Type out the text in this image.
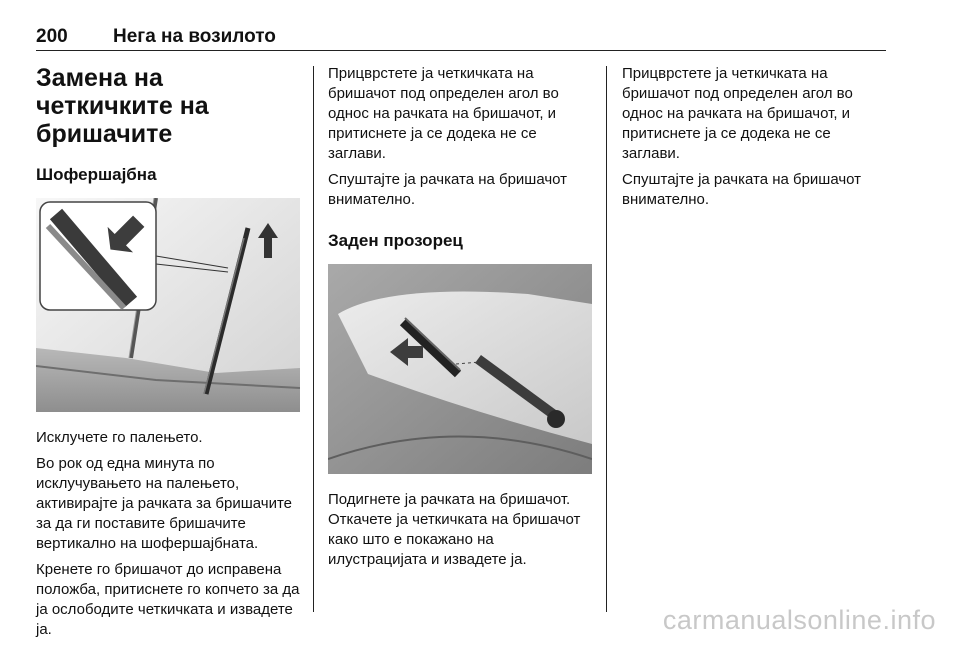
200 Нега на возилото
Замена на четкичките на бришачите
Шофершајбна

Исклучете го палењето.

Во рок од една минута по исклучувањето на палењето, активирајте ја рачката за бришачите за да ги поставите бришачите вертикално на шофершајбната.

Кренете го бришачот до исправена положба, притиснете го копчето за да ја ослободите четкичката и извадете ја.

Прицврстете ја четкичката на бришачот под определен агол во однос на рачката на бришачот, и притиснете ја се додека не се заглави.

Спуштајте ја рачката на бришачот внимателно.

Заден прозорец

Подигнете ја рачката на бришачот. Откачете ја четкичката на бришачот како што е покажано на илустрацијата и извадете ја.

Прицврстете ја четкичката на бришачот под определен агол во однос на рачката на бришачот, и притиснете ја се додека не се заглави.

Спуштајте ја рачката на бришачот внимателно.

carmanualsonline.info
